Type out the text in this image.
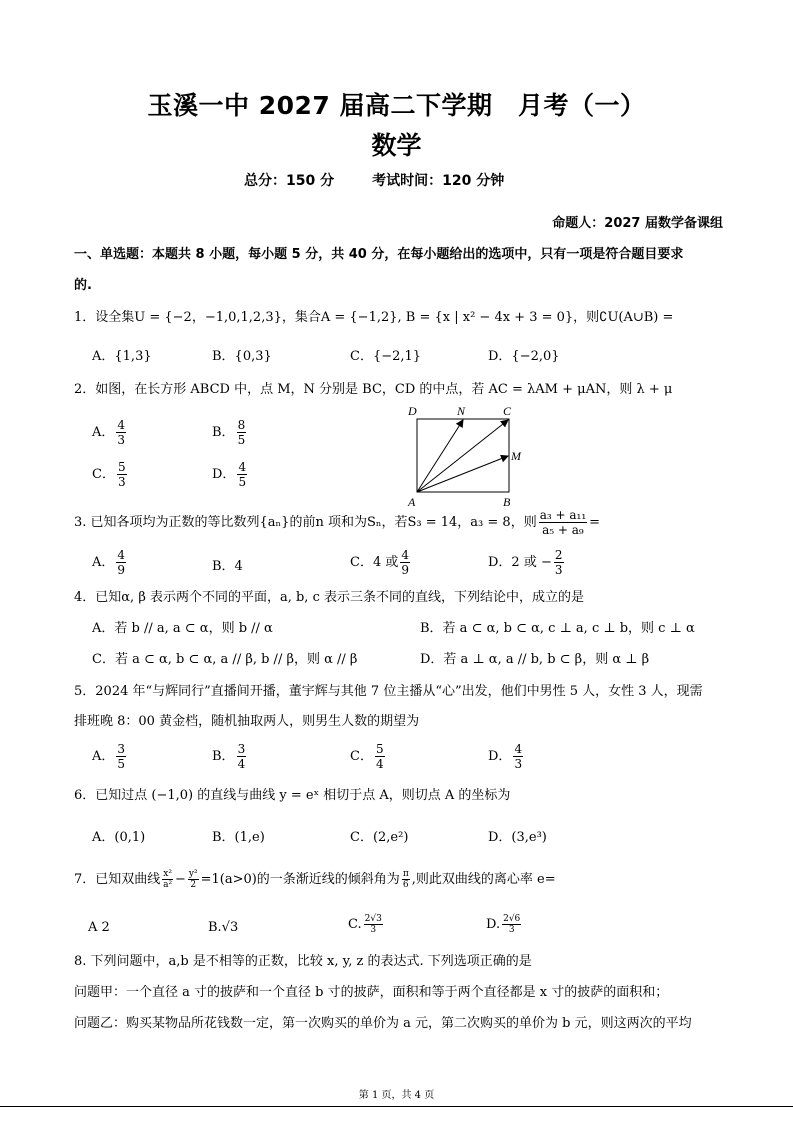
玉溪一中 2027 届高二下学期　月考（一）
数学
总分：150 分	考试时间：120 分钟
命题人：2027 届数学备课组
一、单选题：本题共 8 小题，每小题 5 分，共 40 分，在每小题给出的选项中，只有一项是符合题目要求
的.
1．设全集U = {−2，−1,0,1,2,3}，集合A = {−1,2}, B = {x | x² − 4x + 3 = 0}，则∁U(A∪B) =
A．{1,3}	B．{0,3}	C．{−2,1}	D．{−2,0}
2．如图，在长方形 ABCD 中，点 M，N 分别是 BC，CD 的中点，若 AC = λAM + μAN，则 λ + μ
A． $\frac{4}{3}$	B． $\frac{8}{5}$
C． $\frac{5}{3}$	D． $\frac{4}{5}$
D	N	C
M
A	B
3. 已知各项均为正数的等比数列{aₙ}的前n 项和为Sₙ，若S₃ = 14，a₃ = 8，则 $\frac{\text{a₃ + a₁₁}}{\text{a₅ + a₉}}$ =
A． $\frac{4}{9}$	B．4	C．4 或 $\frac{4}{9}$	D．2 或 − $\frac{2}{3}$
4．已知α, β 表示两个不同的平面，a, b, c 表示三条不同的直线，下列结论中，成立的是
A．若 b // a, a ⊂ α，则 b // α	B．若 a ⊂ α, b ⊂ α, c ⊥ a, c ⊥ b，则 c ⊥ α
C．若 a ⊂ α, b ⊂ α, a // β, b // β，则 α // β	D．若 a ⊥ α, a // b, b ⊂ β，则 α ⊥ β
5．2024 年“与辉同行”直播间开播，董宇辉与其他 7 位主播从“心”出发，他们中男性 5 人，女性 3 人，现需
排班晚 8：00 黄金档，随机抽取两人，则男生人数的期望为
A． $\frac{3}{5}$	B． $\frac{3}{4}$	C． $\frac{5}{4}$	D． $\frac{4}{3}$
6．已知过点 (−1,0) 的直线与曲线 y = eˣ 相切于点 A，则切点 A 的坐标为
A．(0,1)	B．(1,e)	C．(2,e²)	D．(3,e³)
7．已知双曲线 $\frac{\text{x²}}{\text{a²}} - \frac{\text{y²}}{2} =1(a>0)$的一条渐近线的倾斜角为 $\frac{\pi}{6}$ ,则此双曲线的离心率 e=
A 2	B.√3	C. $\frac{2√3}{3}$	D. $\frac{2√6}{3}$
8. 下列问题中，a,b 是不相等的正数，比较 x, y, z 的表达式. 下列选项正确的是
问题甲：一个直径 a 寸的披萨和一个直径 b 寸的披萨，面积和等于两个直径都是 x 寸的披萨的面积和；
问题乙：购买某物品所花钱数一定，第一次购买的单价为 a 元，第二次购买的单价为 b 元，则这两次的平均
第 1 页，共 4 页
